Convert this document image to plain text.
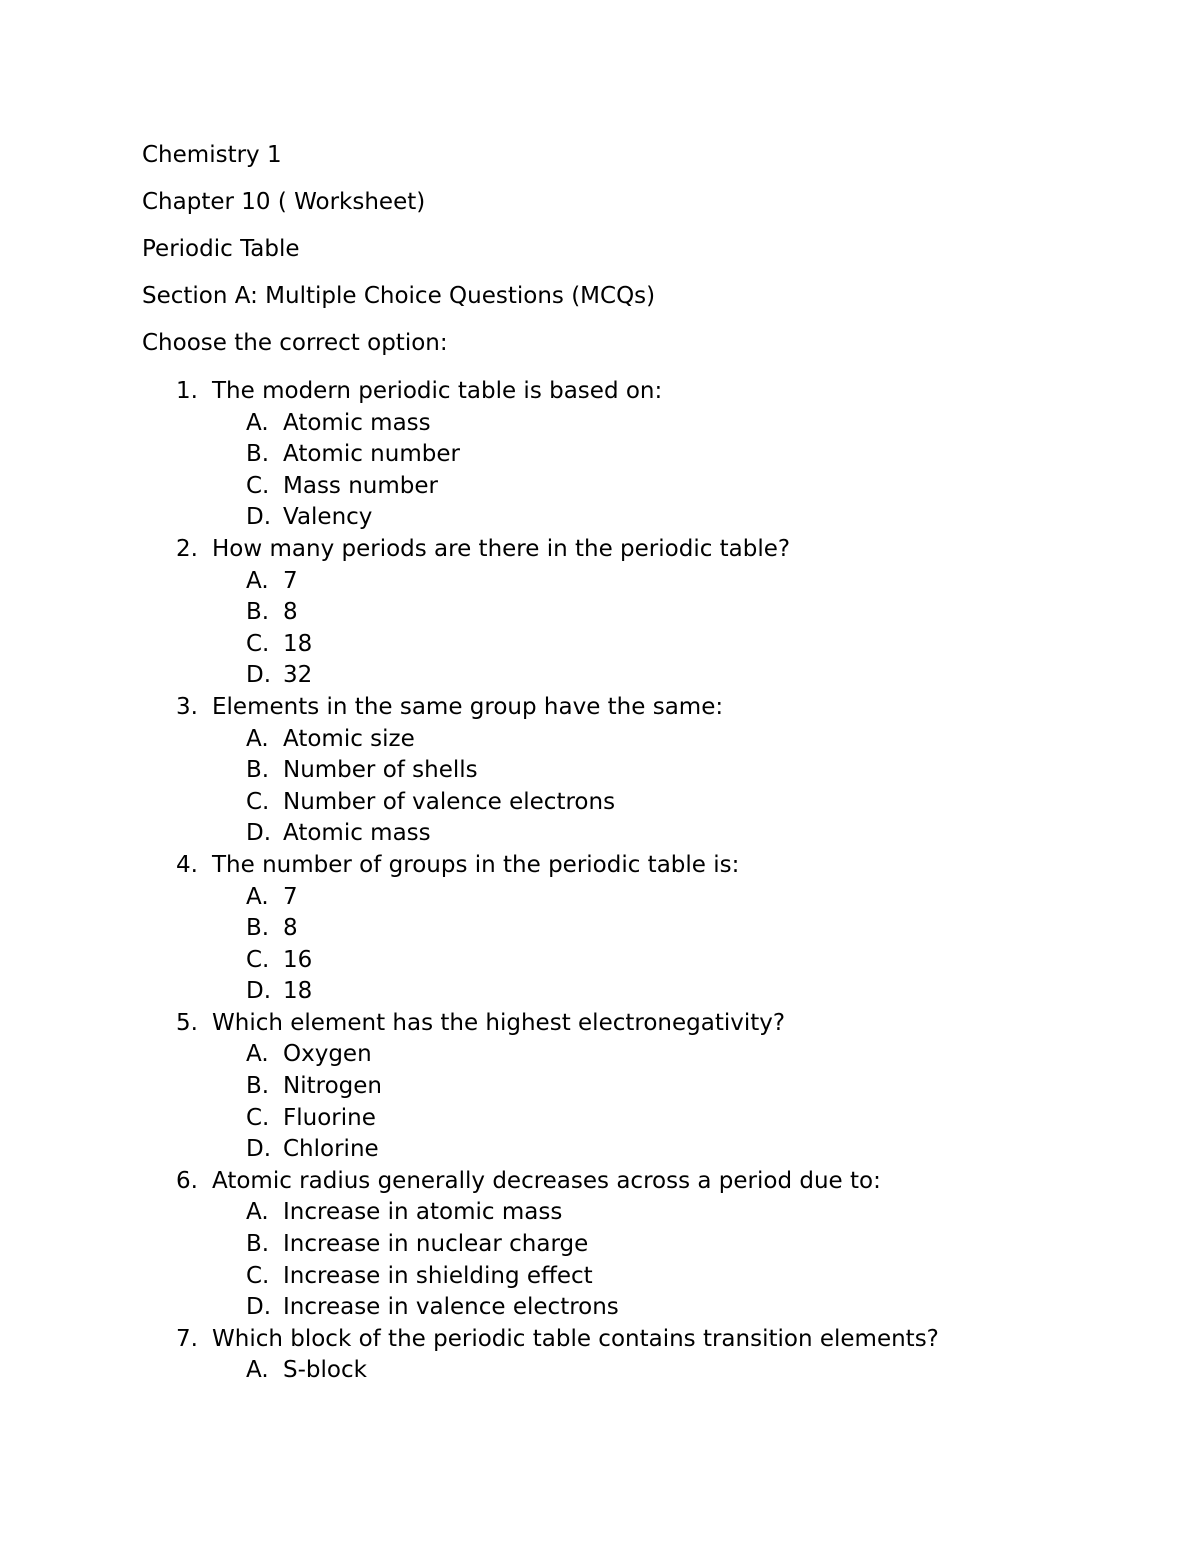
Chemistry 1
Chapter 10 ( Worksheet)
Periodic Table
Section A: Multiple Choice Questions (MCQs)
Choose the correct option:
1. The modern periodic table is based on:
A. Atomic mass
B. Atomic number
C. Mass number
D. Valency
2. How many periods are there in the periodic table?
A. 7
B. 8
C. 18
D. 32
3. Elements in the same group have the same:
A. Atomic size
B. Number of shells
C. Number of valence electrons
D. Atomic mass
4. The number of groups in the periodic table is:
A. 7
B. 8
C. 16
D. 18
5. Which element has the highest electronegativity?
A. Oxygen
B. Nitrogen
C. Fluorine
D. Chlorine
6. Atomic radius generally decreases across a period due to:
A. Increase in atomic mass
B. Increase in nuclear charge
C. Increase in shielding effect
D. Increase in valence electrons
7. Which block of the periodic table contains transition elements?
A. S-block
